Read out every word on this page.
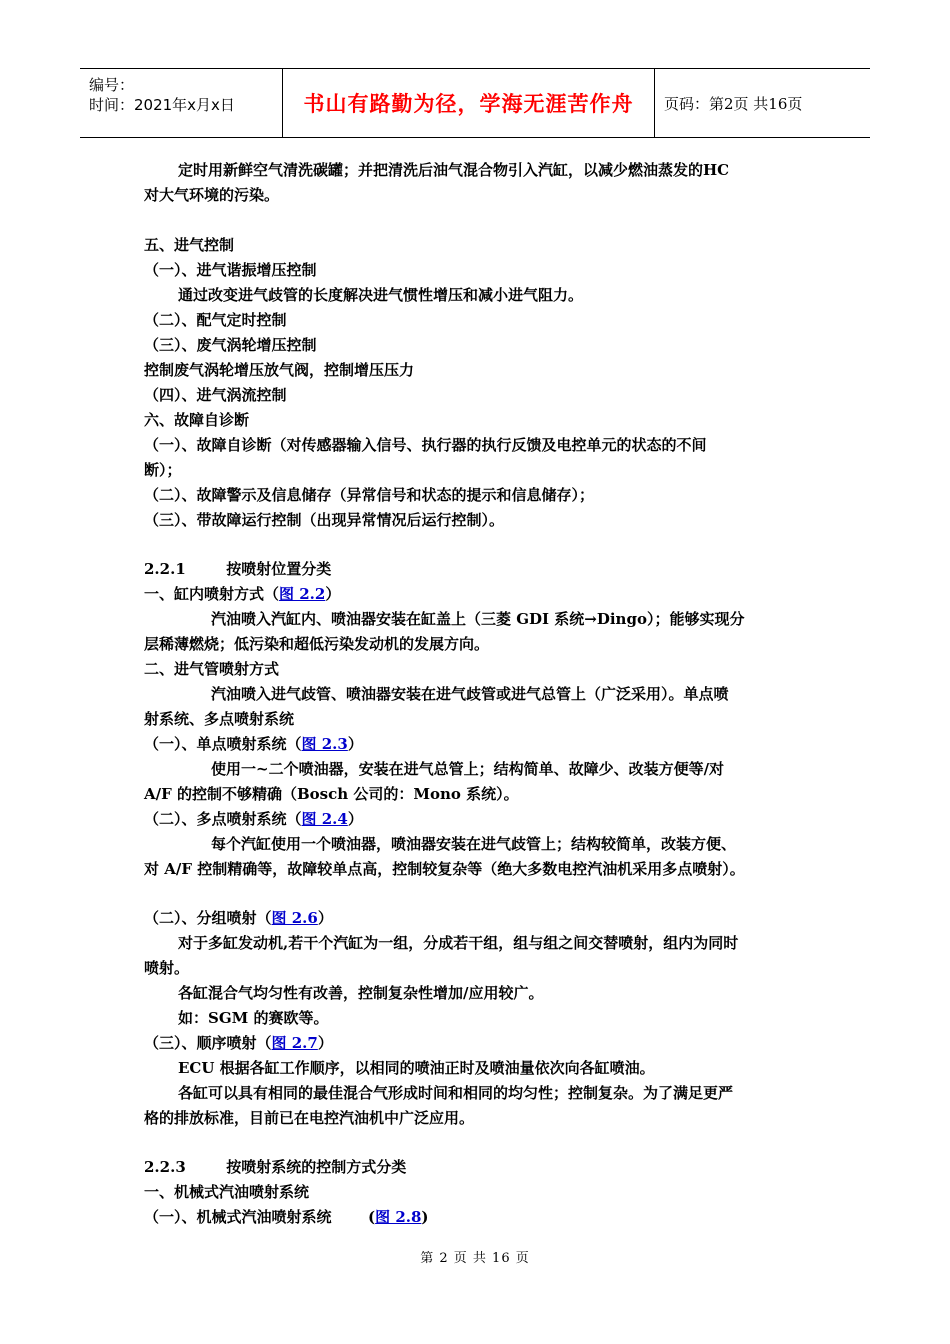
编号：
时间：2021年x月x日	书山有路勤为径，学海无涯苦作舟	页码：第2页 共16页
定时用新鲜空气清洗碳罐；并把清洗后油气混合物引入汽缸，以减少燃油蒸发的HC
对大气环境的污染。
五、进气控制
（一）、进气谐振增压控制
通过改变进气歧管的长度解决进气惯性增压和减小进气阻力。
（二）、配气定时控制
（三）、废气涡轮增压控制
控制废气涡轮增压放气阀，控制增压压力
（四）、进气涡流控制
六、故障自诊断
（一）、故障自诊断（对传感器输入信号、执行器的执行反馈及电控单元的状态的不间
断）；
（二）、故障警示及信息储存（异常信号和状态的提示和信息储存）；
（三）、带故障运行控制（出现异常情况后运行控制）。
2.2.1	按喷射位置分类
一、缸内喷射方式（图 2.2）
汽油喷入汽缸内、喷油器安装在缸盖上（三菱 GDI 系统→Dingo）；能够实现分
层稀薄燃烧；低污染和超低污染发动机的发展方向。
二、进气管喷射方式
汽油喷入进气歧管、喷油器安装在进气歧管或进气总管上（广泛采用）。单点喷
射系统、多点喷射系统
（一）、单点喷射系统（图 2.3）
使用一~二个喷油器，安装在进气总管上；结构简单、故障少、改装方便等/对
A/F 的控制不够精确（Bosch 公司的：Mono 系统）。
（二）、多点喷射系统（图 2.4）
每个汽缸使用一个喷油器，喷油器安装在进气歧管上；结构较简单，改装方便、
对 A/F 控制精确等，故障较单点高，控制较复杂等（绝大多数电控汽油机采用多点喷射）。
（二）、分组喷射（图 2.6）
对于多缸发动机,若干个汽缸为一组，分成若干组，组与组之间交替喷射，组内为同时
喷射。
各缸混合气均匀性有改善，控制复杂性增加/应用较广。
如：SGM 的赛欧等。
（三）、顺序喷射（图 2.7）
ECU 根据各缸工作顺序，以相同的喷油正时及喷油量依次向各缸喷油。
各缸可以具有相同的最佳混合气形成时间和相同的均匀性；控制复杂。为了满足更严
格的排放标准，目前已在电控汽油机中广泛应用。
2.2.3	按喷射系统的控制方式分类
一、机械式汽油喷射系统
（一）、机械式汽油喷射系统 (图 2.8)
第 2 页 共 16 页
